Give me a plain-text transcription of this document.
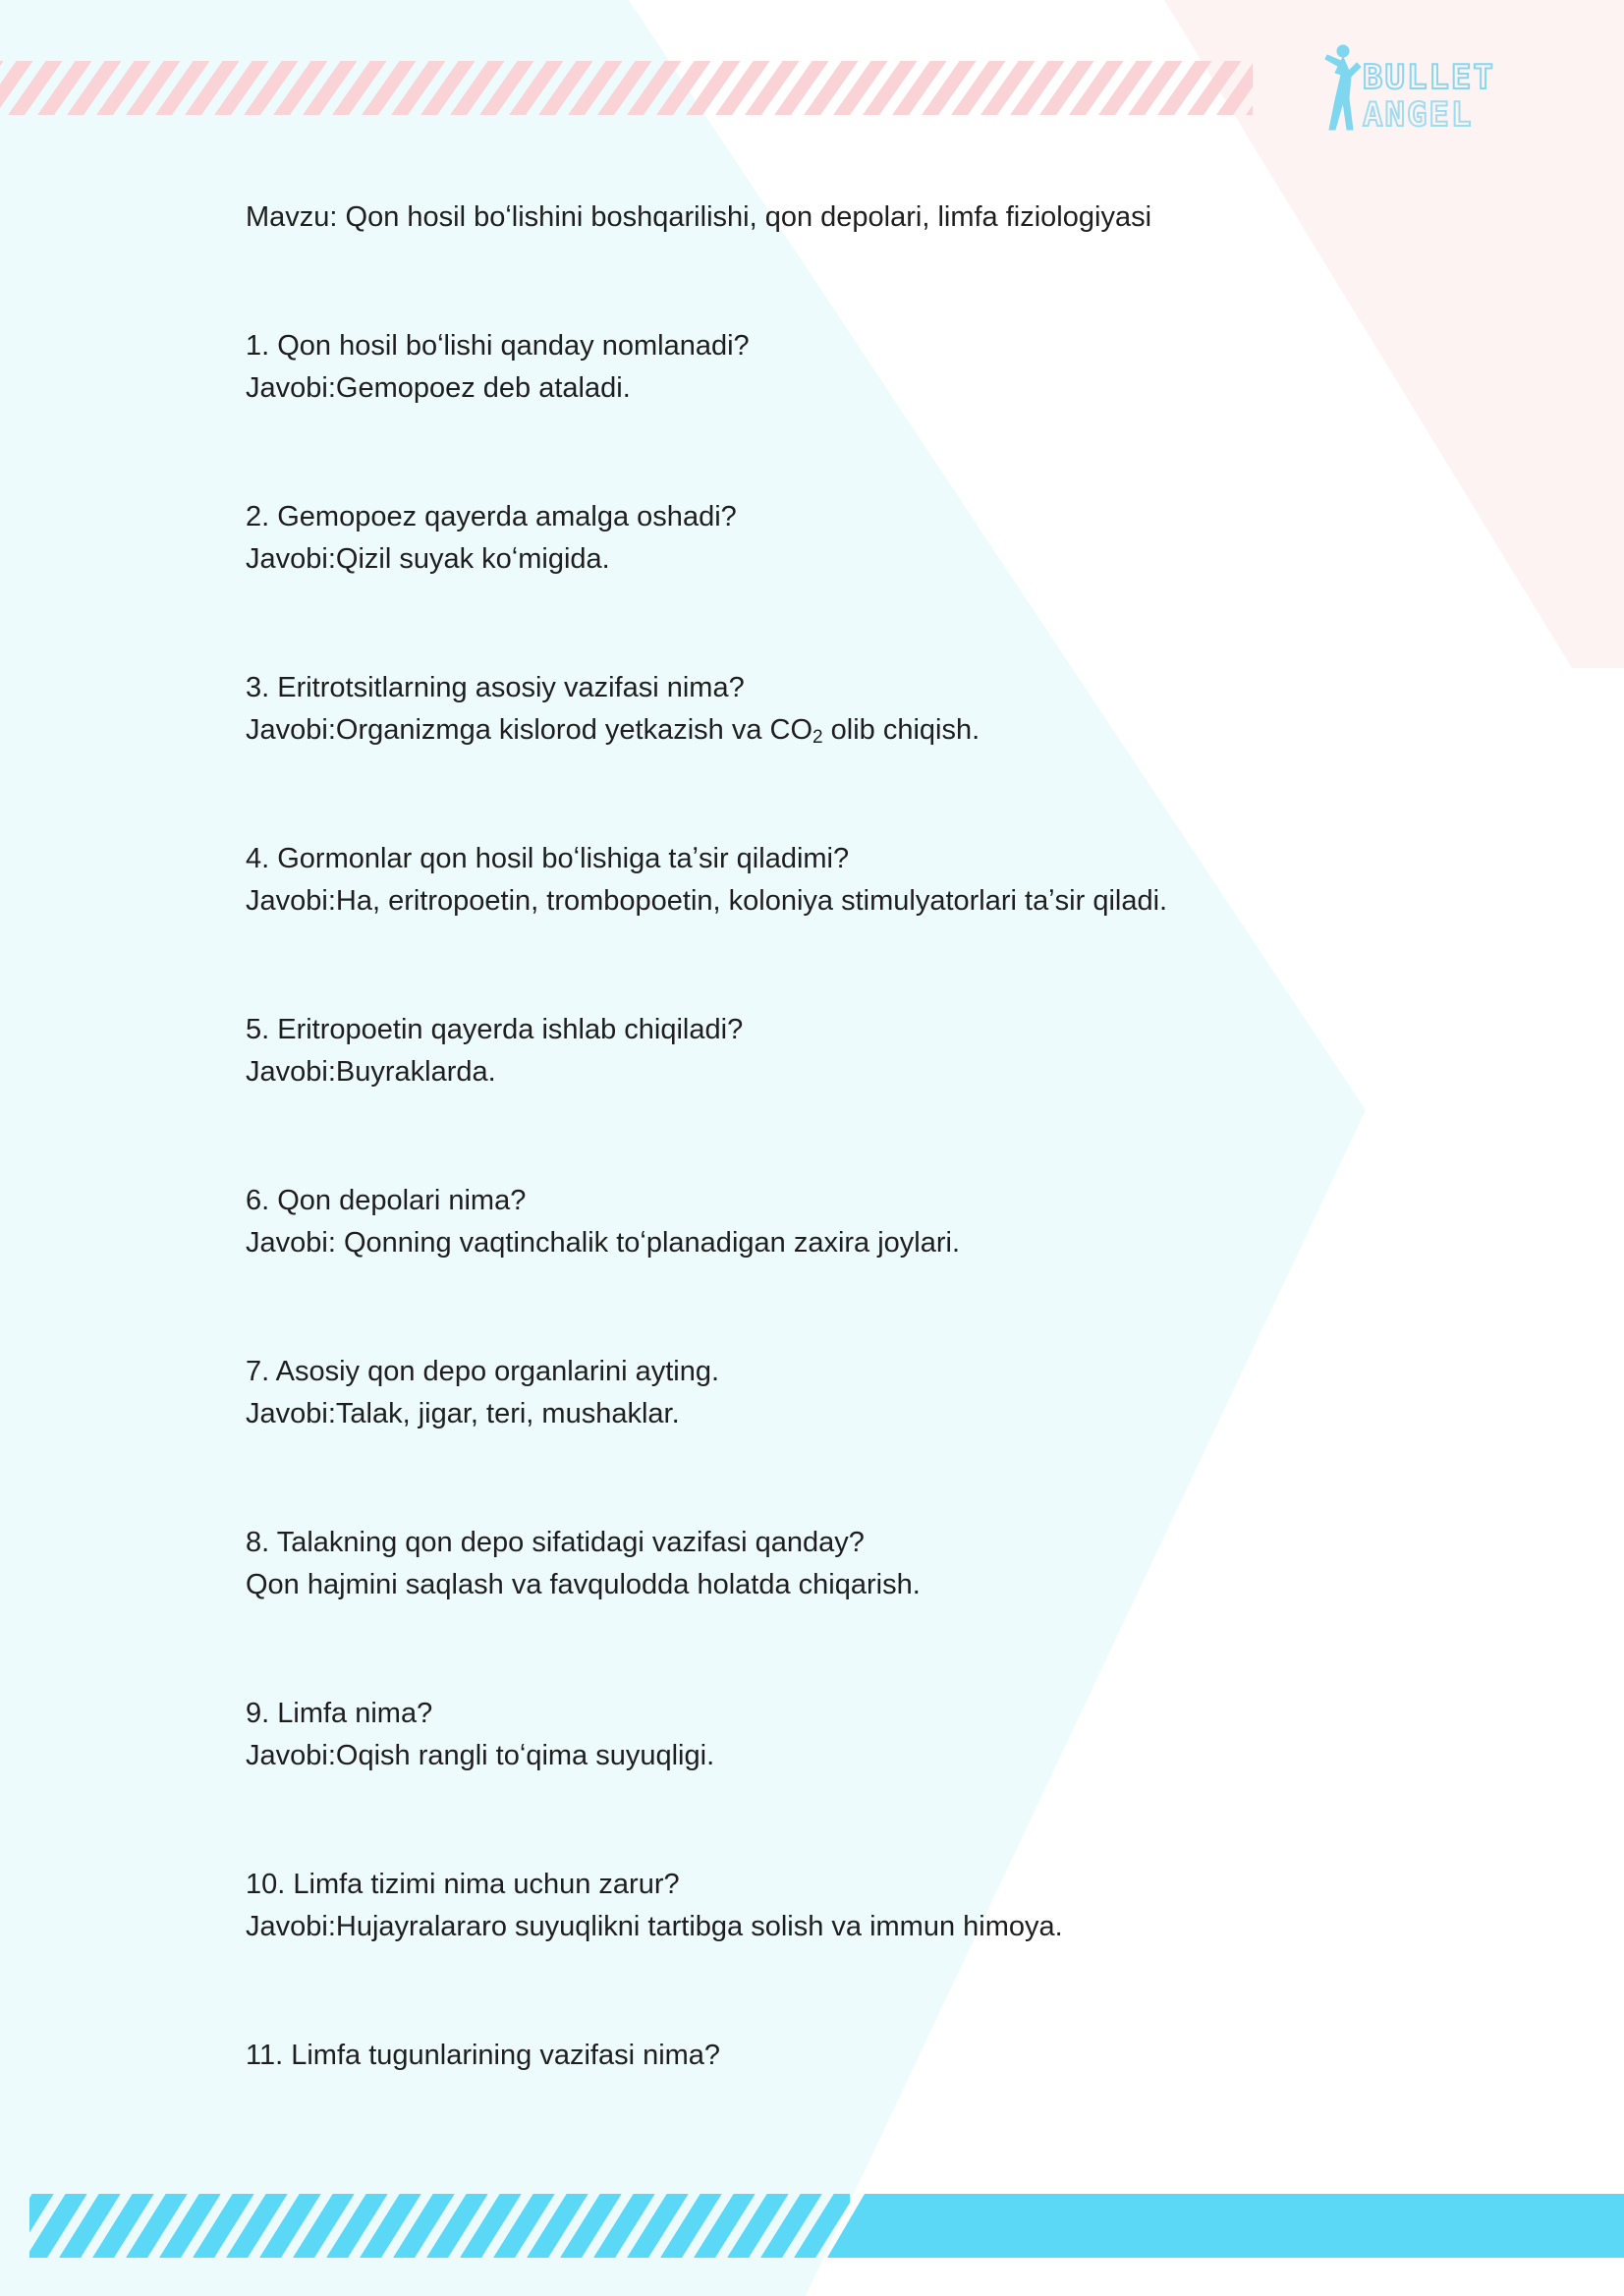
BULLET
ANGEL

Mavzu: Qon hosil boʻlishini boshqarilishi, qon depolari, limfa fiziologiyasi

1. Qon hosil boʻlishi qanday nomlanadi?

Javobi:Gemopoez deb ataladi.

2. Gemopoez qayerda amalga oshadi?

Javobi:Qizil suyak koʻmigida.

3. Eritrotsitlarning asosiy vazifasi nima?

Javobi:Organizmga kislorod yetkazish va $CO_2$ olib chiqish.

4. Gormonlar qon hosil boʻlishiga taʼsir qiladimi?

Javobi:Ha, eritropoetin, trombopoetin, koloniya stimulyatorlari taʼsir qiladi.

5. Eritropoetin qayerda ishlab chiqiladi?

Javobi:Buyraklarda.

6. Qon depolari nima?

Javobi: Qonning vaqtinchalik toʻplanadigan zaxira joylari.

7. Asosiy qon depo organlarini ayting.

Javobi:Talak, jigar, teri, mushaklar.

8. Talakning qon depo sifatidagi vazifasi qanday?

Qon hajmini saqlash va favqulodda holatda chiqarish.

9. Limfa nima?

Javobi:Oqish rangli toʻqima suyuqligi.

10. Limfa tizimi nima uchun zarur?

Javobi:Hujayralararo suyuqlikni tartibga solish va immun himoya.

11. Limfa tugunlarining vazifasi nima?
